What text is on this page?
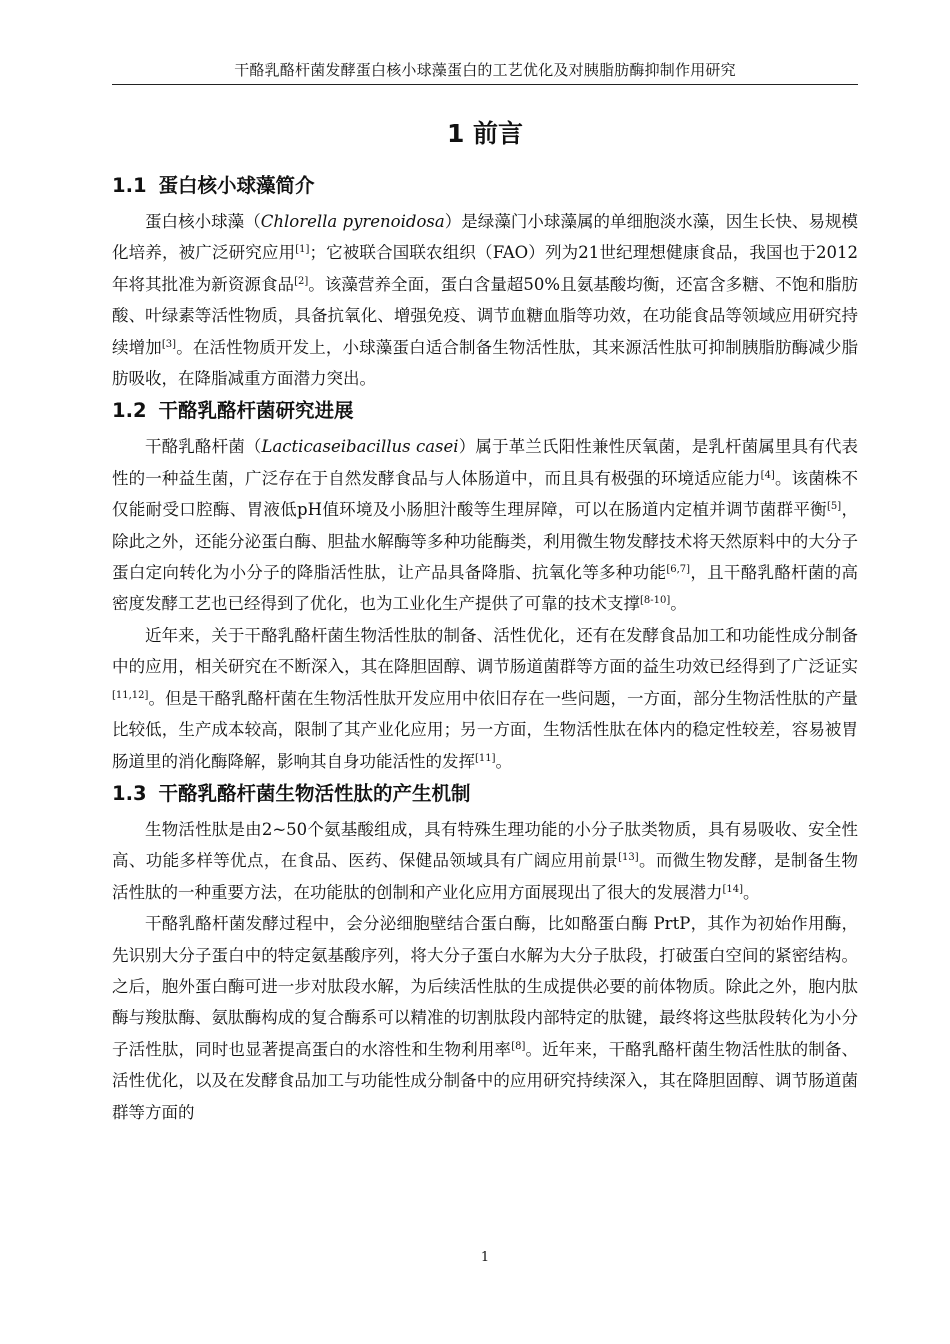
干酪乳酪杆菌发酵蛋白核小球藻蛋白的工艺优化及对胰脂肪酶抑制作用研究
1 前言
1.1 蛋白核小球藻简介

蛋白核小球藻（Chlorella pyrenoidosa）是绿藻门小球藻属的单细胞淡水藻，因生长快、易规模化培养，被广泛研究应用[1]；它被联合国联农组织（FAO）列为21世纪理想健康食品，我国也于2012年将其批准为新资源食品[2]。该藻营养全面，蛋白含量超50%且氨基酸均衡，还富含多糖、不饱和脂肪酸、叶绿素等活性物质，具备抗氧化、增强免疫、调节血糖血脂等功效，在功能食品等领域应用研究持续增加[3]。在活性物质开发上，小球藻蛋白适合制备生物活性肽，其来源活性肽可抑制胰脂肪酶减少脂肪吸收，在降脂减重方面潜力突出。

1.2 干酪乳酪杆菌研究进展

干酪乳酪杆菌（Lacticaseibacillus casei）属于革兰氏阳性兼性厌氧菌，是乳杆菌属里具有代表性的一种益生菌，广泛存在于自然发酵食品与人体肠道中，而且具有极强的环境适应能力[4]。该菌株不仅能耐受口腔酶、胃液低pH值环境及小肠胆汁酸等生理屏障，可以在肠道内定植并调节菌群平衡[5]，除此之外，还能分泌蛋白酶、胆盐水解酶等多种功能酶类，利用微生物发酵技术将天然原料中的大分子蛋白定向转化为小分子的降脂活性肽，让产品具备降脂、抗氧化等多种功能[6,7]，且干酪乳酪杆菌的高密度发酵工艺也已经得到了优化，也为工业化生产提供了可靠的技术支撑[8-10]。

近年来，关于干酪乳酪杆菌生物活性肽的制备、活性优化，还有在发酵食品加工和功能性成分制备中的应用，相关研究在不断深入，其在降胆固醇、调节肠道菌群等方面的益生功效已经得到了广泛证实[11,12]。但是干酪乳酪杆菌在生物活性肽开发应用中依旧存在一些问题，一方面，部分生物活性肽的产量比较低，生产成本较高，限制了其产业化应用；另一方面，生物活性肽在体内的稳定性较差，容易被胃肠道里的消化酶降解，影响其自身功能活性的发挥[11]。

1.3 干酪乳酪杆菌生物活性肽的产生机制

生物活性肽是由2~50个氨基酸组成，具有特殊生理功能的小分子肽类物质，具有易吸收、安全性高、功能多样等优点，在食品、医药、保健品领域具有广阔应用前景[13]。而微生物发酵，是制备生物活性肽的一种重要方法，在功能肽的创制和产业化应用方面展现出了很大的发展潜力[14]。

干酪乳酪杆菌发酵过程中，会分泌细胞壁结合蛋白酶，比如酪蛋白酶 PrtP，其作为初始作用酶，先识别大分子蛋白中的特定氨基酸序列，将大分子蛋白水解为大分子肽段，打破蛋白空间的紧密结构。之后，胞外蛋白酶可进一步对肽段水解，为后续活性肽的生成提供必要的前体物质。除此之外，胞内肽酶与羧肽酶、氨肽酶构成的复合酶系可以精准的切割肽段内部特定的肽键，最终将这些肽段转化为小分子活性肽，同时也显著提高蛋白的水溶性和生物利用率[8]。近年来，干酪乳酪杆菌生物活性肽的制备、活性优化，以及在发酵食品加工与功能性成分制备中的应用研究持续深入，其在降胆固醇、调节肠道菌群等方面的

1
